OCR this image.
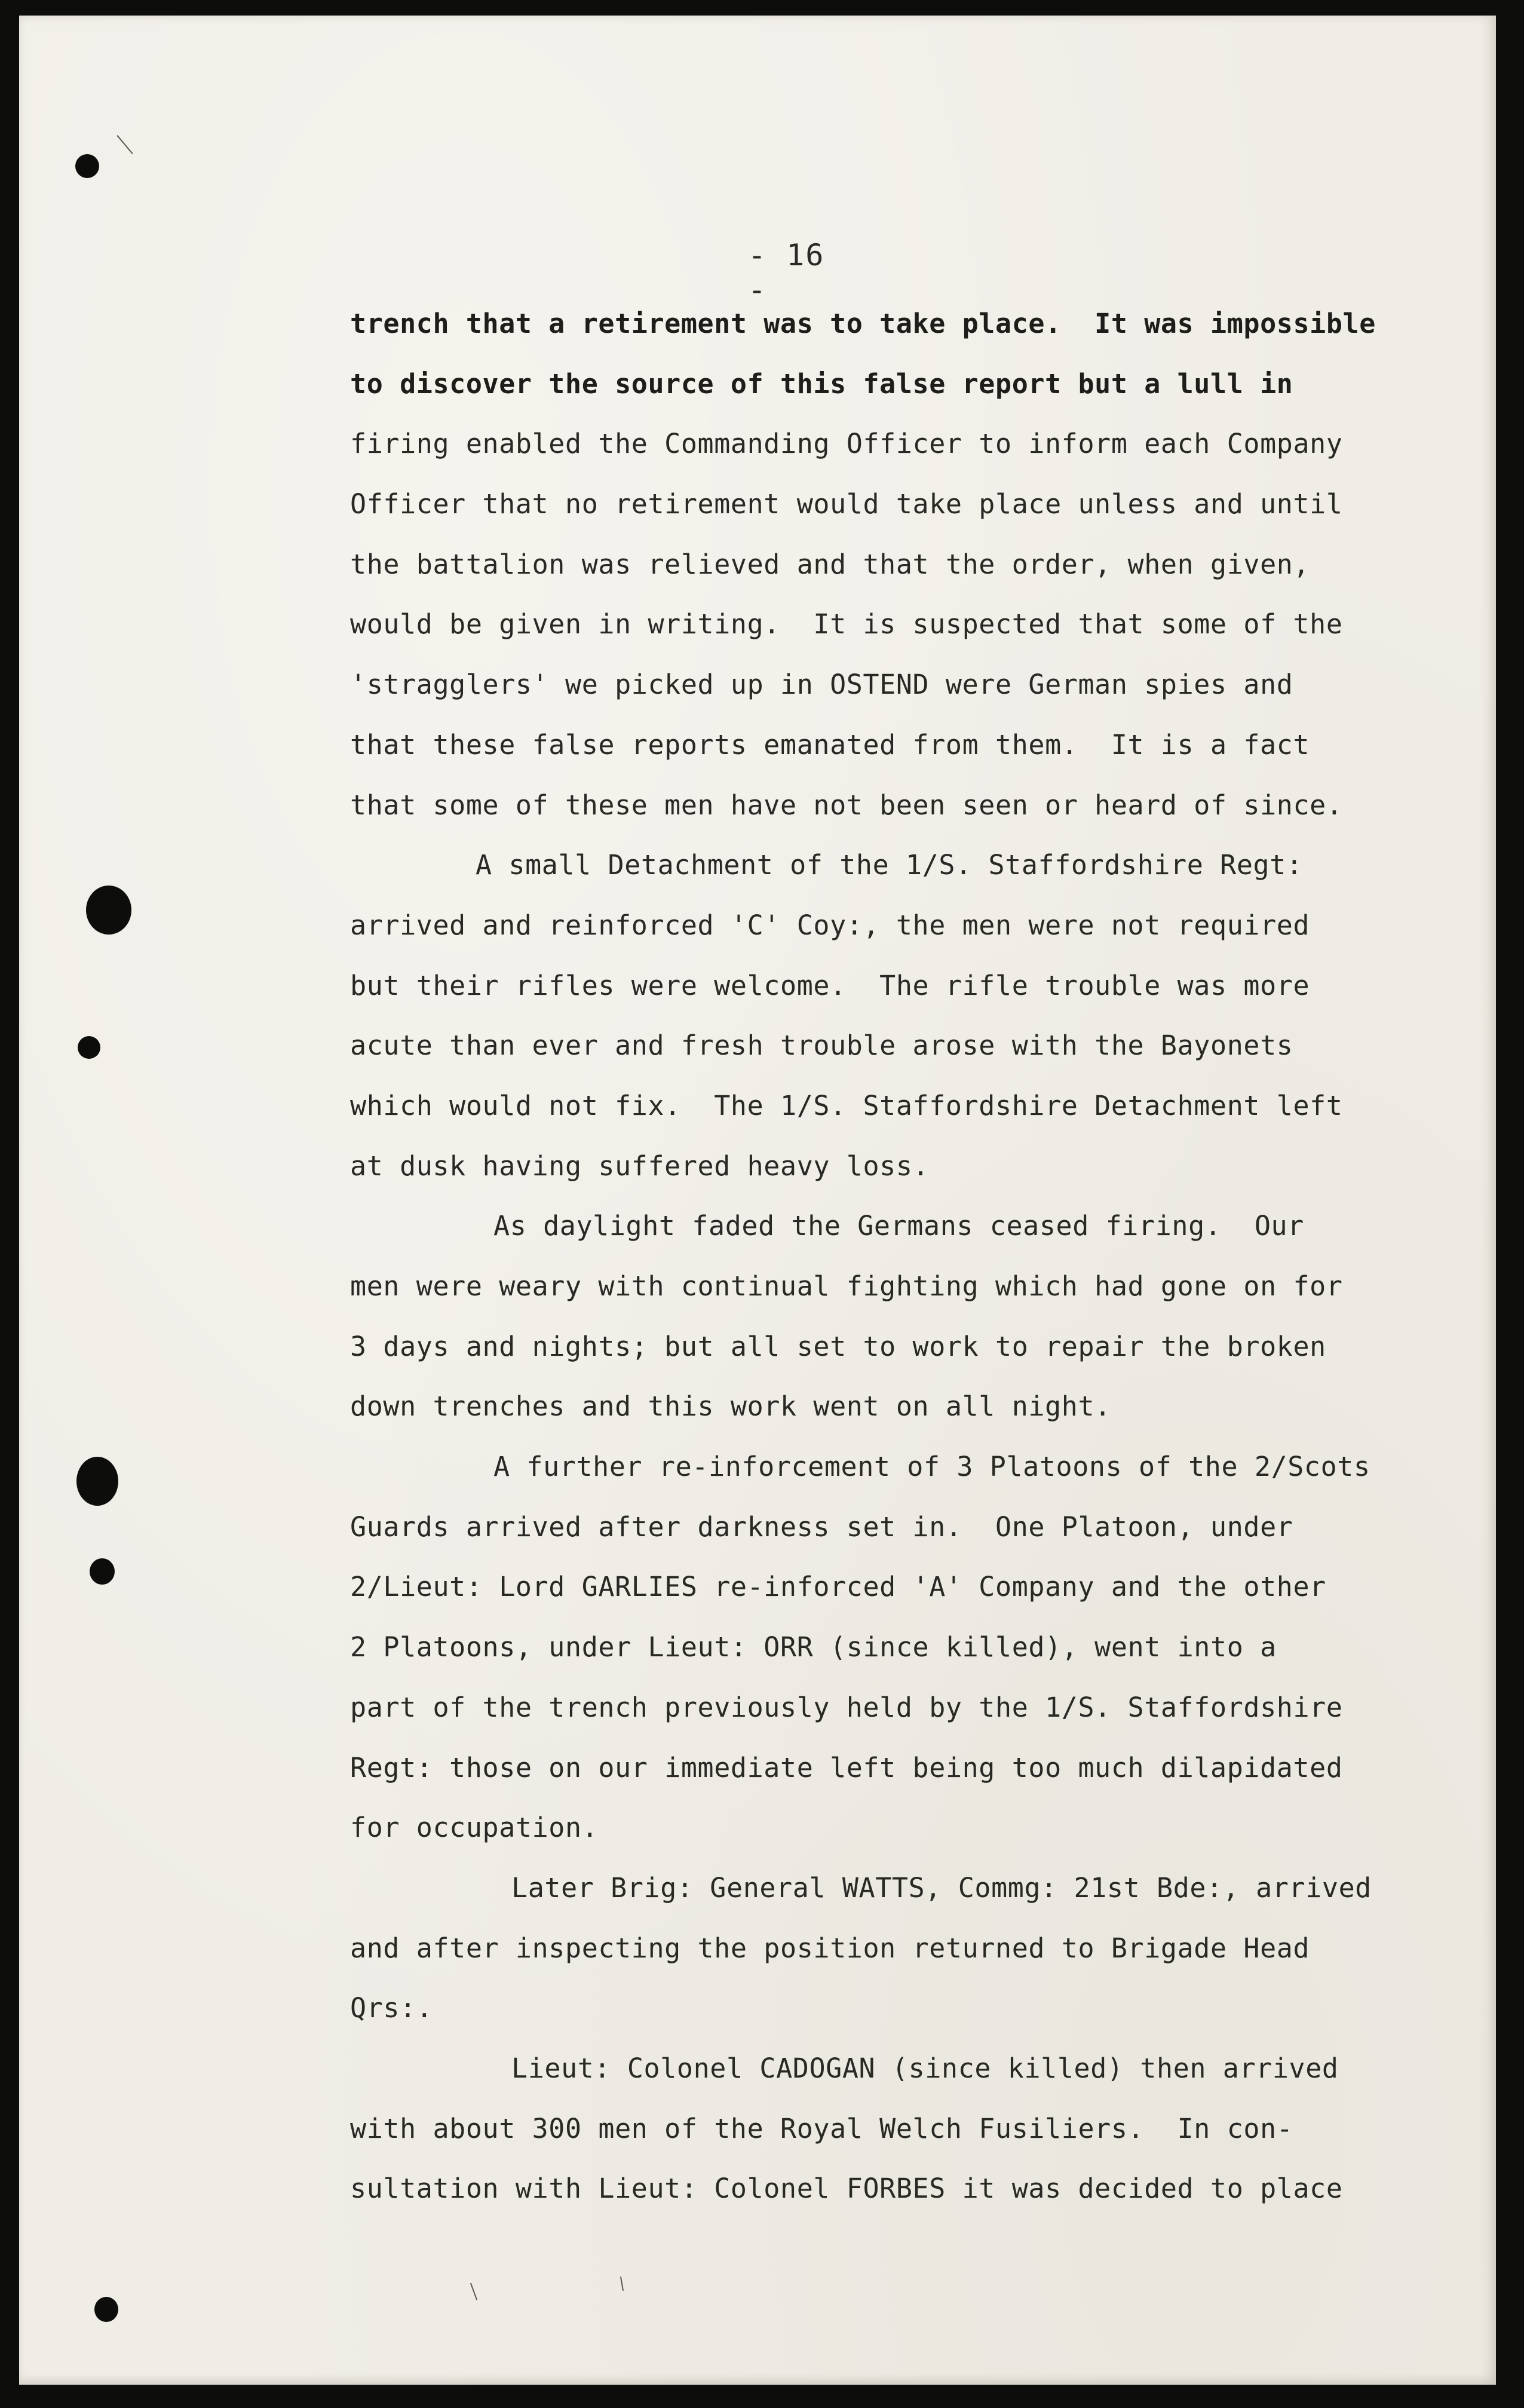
- 16 -
trench that a retirement was to take place.  It was impossible
to discover the source of this false report but a lull in
firing enabled the Commanding Officer to inform each Company
Officer that no retirement would take place unless and until
the battalion was relieved and that the order, when given,
would be given in writing.  It is suspected that some of the
'stragglers' we picked up in OSTEND were German spies and
that these false reports emanated from them.  It is a fact
that some of these men have not been seen or heard of since.
A small Detachment of the 1/S. Staffordshire Regt:
arrived and reinforced 'C' Coy:, the men were not required
but their rifles were welcome.  The rifle trouble was more
acute than ever and fresh trouble arose with the Bayonets
which would not fix.  The 1/S. Staffordshire Detachment left
at dusk having suffered heavy loss.
As daylight faded the Germans ceased firing.  Our
men were weary with continual fighting which had gone on for
3 days and nights; but all set to work to repair the broken
down trenches and this work went on all night.
A further re-inforcement of 3 Platoons of the 2/Scots
Guards arrived after darkness set in.  One Platoon, under
2/Lieut: Lord GARLIES re-inforced 'A' Company and the other
2 Platoons, under Lieut: ORR (since killed), went into a
part of the trench previously held by the 1/S. Staffordshire
Regt: those on our immediate left being too much dilapidated
for occupation.
Later Brig: General WATTS, Commg: 21st Bde:, arrived
and after inspecting the position returned to Brigade Head
Qrs:.
Lieut: Colonel CADOGAN (since killed) then arrived
with about 300 men of the Royal Welch Fusiliers.  In con-
sultation with Lieut: Colonel FORBES it was decided to place
